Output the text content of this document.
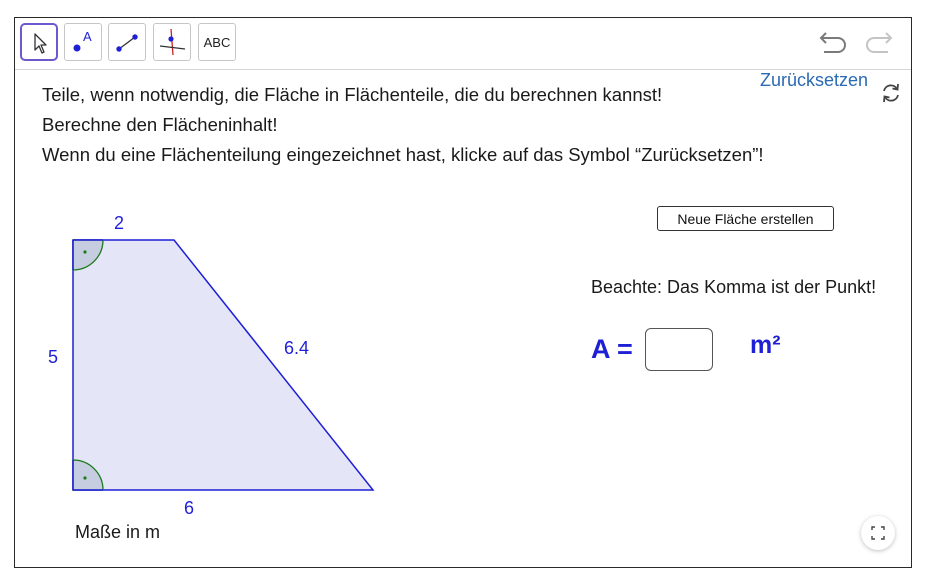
A	ABC
Teile, wenn notwendig, die Fläche in Flächenteile, die du berechnen kannst!
Berechne den Flächeninhalt!
Wenn du eine Flächenteilung eingezeichnet hast, klicke auf das Symbol “Zurücksetzen”!
Zurücksetzen
Neue Fläche erstellen
Beachte: Das Komma ist der Punkt!
A =	m²
2
5	6.4
6
Maße in m
